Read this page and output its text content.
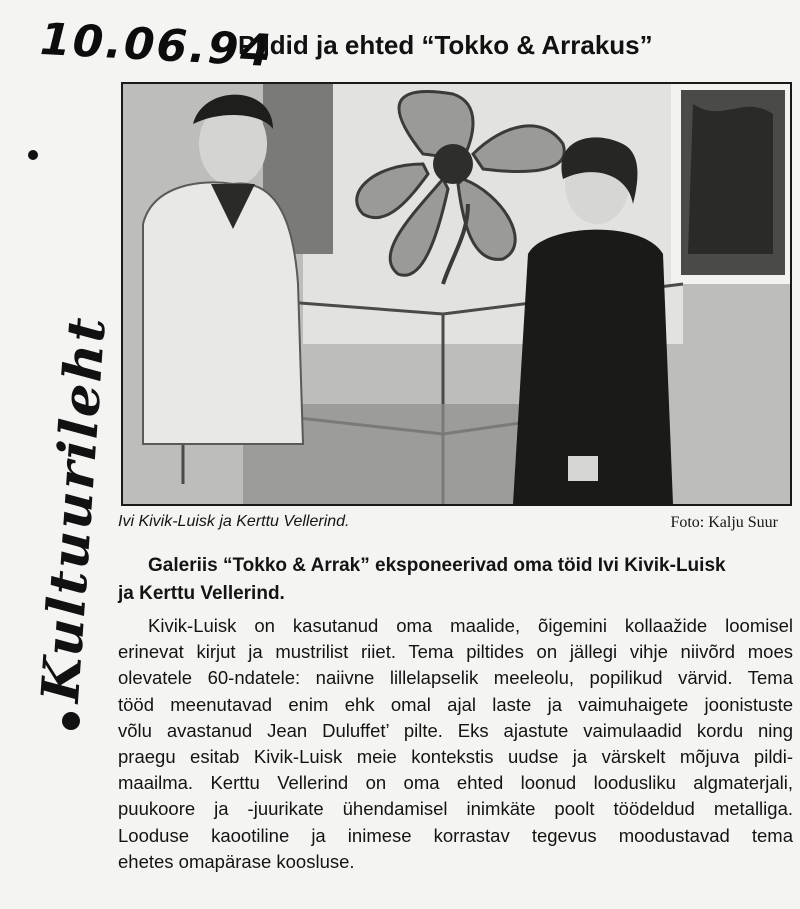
10.06.94
Kultuurileht
Pildid ja ehted “Tokko & Arrakus”
Ivi Kivik-Luisk ja Kerttu Vellerind.	Foto: Kalju Suur
Galeriis “Tokko & Arrak” eksponeerivad oma töid Ivi Kivik-Luisk
ja Kerttu Vellerind.
Kivik-Luisk on kasutanud oma maalide, õigemini kollaažide loomisel
erinevat kirjut ja mustrilist riiet. Tema piltides on jällegi vihje niivõrd moes
olevatele 60-ndatele: naiivne lillelapselik meeleolu, popilikud värvid. Tema
tööd meenutavad enim ehk omal ajal laste ja vaimuhaigete joonistuste
võlu avastanud Jean Duluffet’ pilte. Eks ajastute vaimulaadid kordu ning
praegu esitab Kivik-Luisk meie kontekstis uudse ja värskelt mõjuva pildi-
maailma. Kerttu Vellerind on oma ehted loonud loodusliku algmaterjali,
puukoore ja -juurikate ühendamisel inimkäte poolt töödeldud metalliga.
Looduse kaootiline ja inimese korrastav tegevus moodustavad tema
ehetes omapärase koosluse.
